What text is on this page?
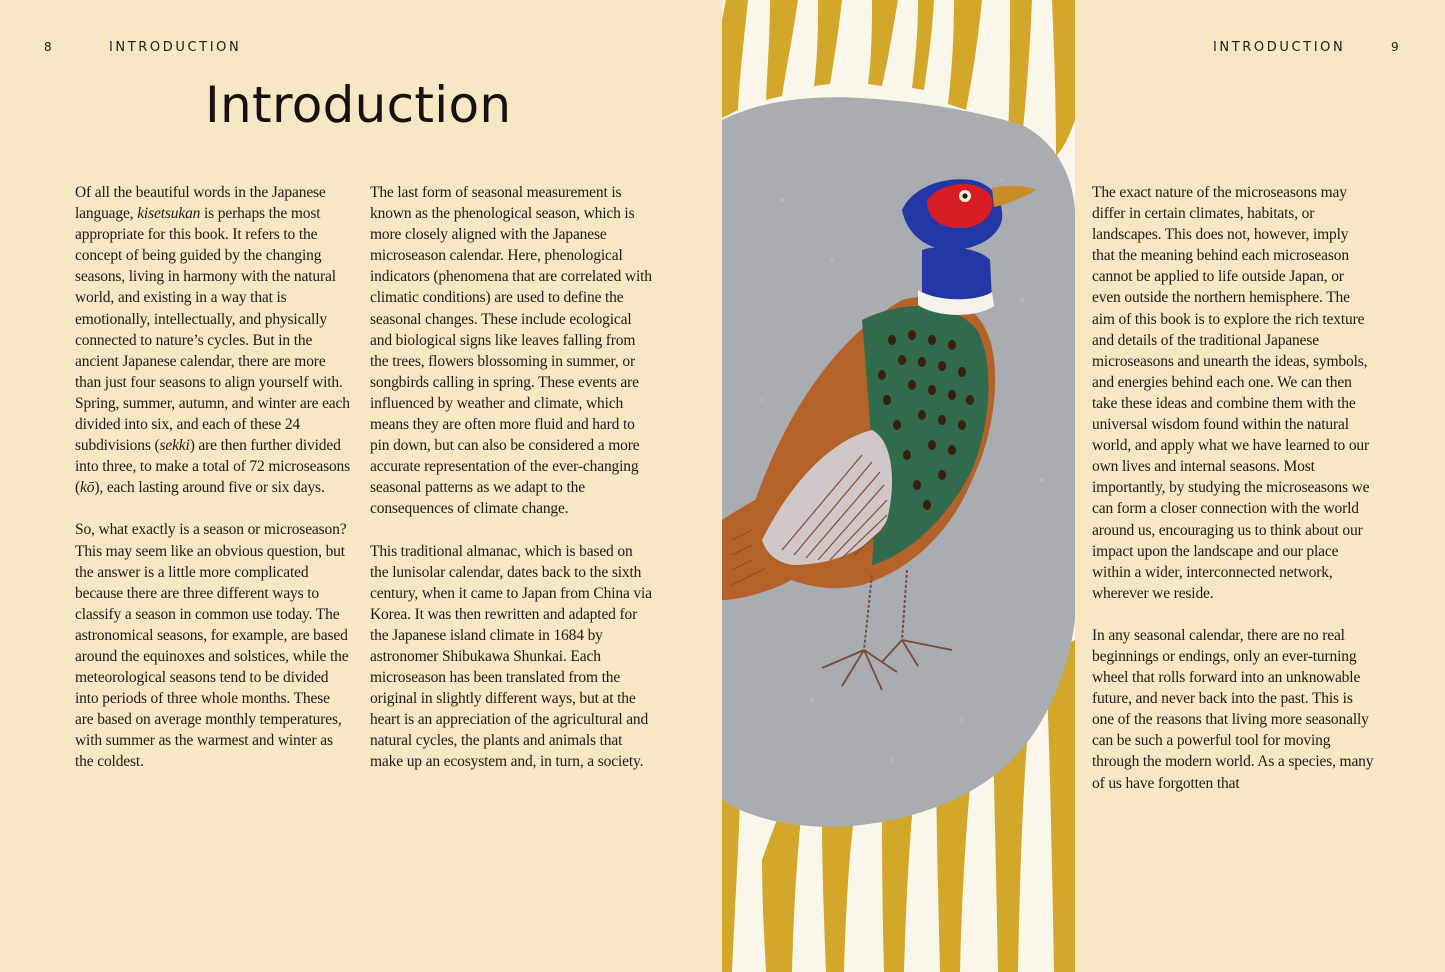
8	INTRODUCTION
Introduction

Of all the beautiful words in the Japanese language, kisetsukan is perhaps the most appropriate for this book. It refers to the concept of being guided by the changing seasons, living in harmony with the natural world, and existing in a way that is emotionally, intellectually, and physically connected to nature’s cycles. But in the ancient Japanese calendar, there are more than just four seasons to align yourself with. Spring, summer, autumn, and winter are each divided into six, and each of these 24 subdivisions (sekki) are then further divided into three, to make a total of 72 microseasons (kō), each lasting around five or six days.

So, what exactly is a season or microseason? This may seem like an obvious question, but the answer is a little more complicated because there are three different ways to classify a season in common use today. The astronomical seasons, for example, are based around the equinoxes and solstices, while the meteorological seasons tend to be divided into periods of three whole months. These are based on average monthly temperatures, with summer as the warmest and winter as the coldest.

The last form of seasonal measurement is known as the phenological season, which is more closely aligned with the Japanese microseason calendar. Here, phenological indicators (phenomena that are correlated with climatic conditions) are used to define the seasonal changes. These include ecological and biological signs like leaves falling from the trees, flowers blossoming in summer, or songbirds calling in spring. These events are influenced by weather and climate, which means they are often more fluid and hard to pin down, but can also be considered a more accurate representation of the ever-changing seasonal patterns as we adapt to the consequences of climate change.

This traditional almanac, which is based on the lunisolar calendar, dates back to the sixth century, when it came to Japan from China via Korea. It was then rewritten and adapted for the Japanese island climate in 1684 by astronomer Shibukawa Shunkai. Each microseason has been translated from the original in slightly different ways, but at the heart is an appreciation of the agricultural and natural cycles, the plants and animals that make up an ecosystem and, in turn, a society.

INTRODUCTION	9

The exact nature of the microseasons may differ in certain climates, habitats, or landscapes. This does not, however, imply that the meaning behind each microseason cannot be applied to life outside Japan, or even outside the northern hemisphere. The aim of this book is to explore the rich texture and details of the traditional Japanese microseasons and unearth the ideas, symbols, and energies behind each one. We can then take these ideas and combine them with the universal wisdom found within the natural world, and apply what we have learned to our own lives and internal seasons. Most importantly, by studying the microseasons we can form a closer connection with the world around us, encouraging us to think about our impact upon the landscape and our place within a wider, interconnected network, wherever we reside.

In any seasonal calendar, there are no real beginnings or endings, only an ever-turning wheel that rolls forward into an unknowable future, and never back into the past. This is one of the reasons that living more seasonally can be such a powerful tool for moving through the modern world. As a species, many of us have forgotten that
